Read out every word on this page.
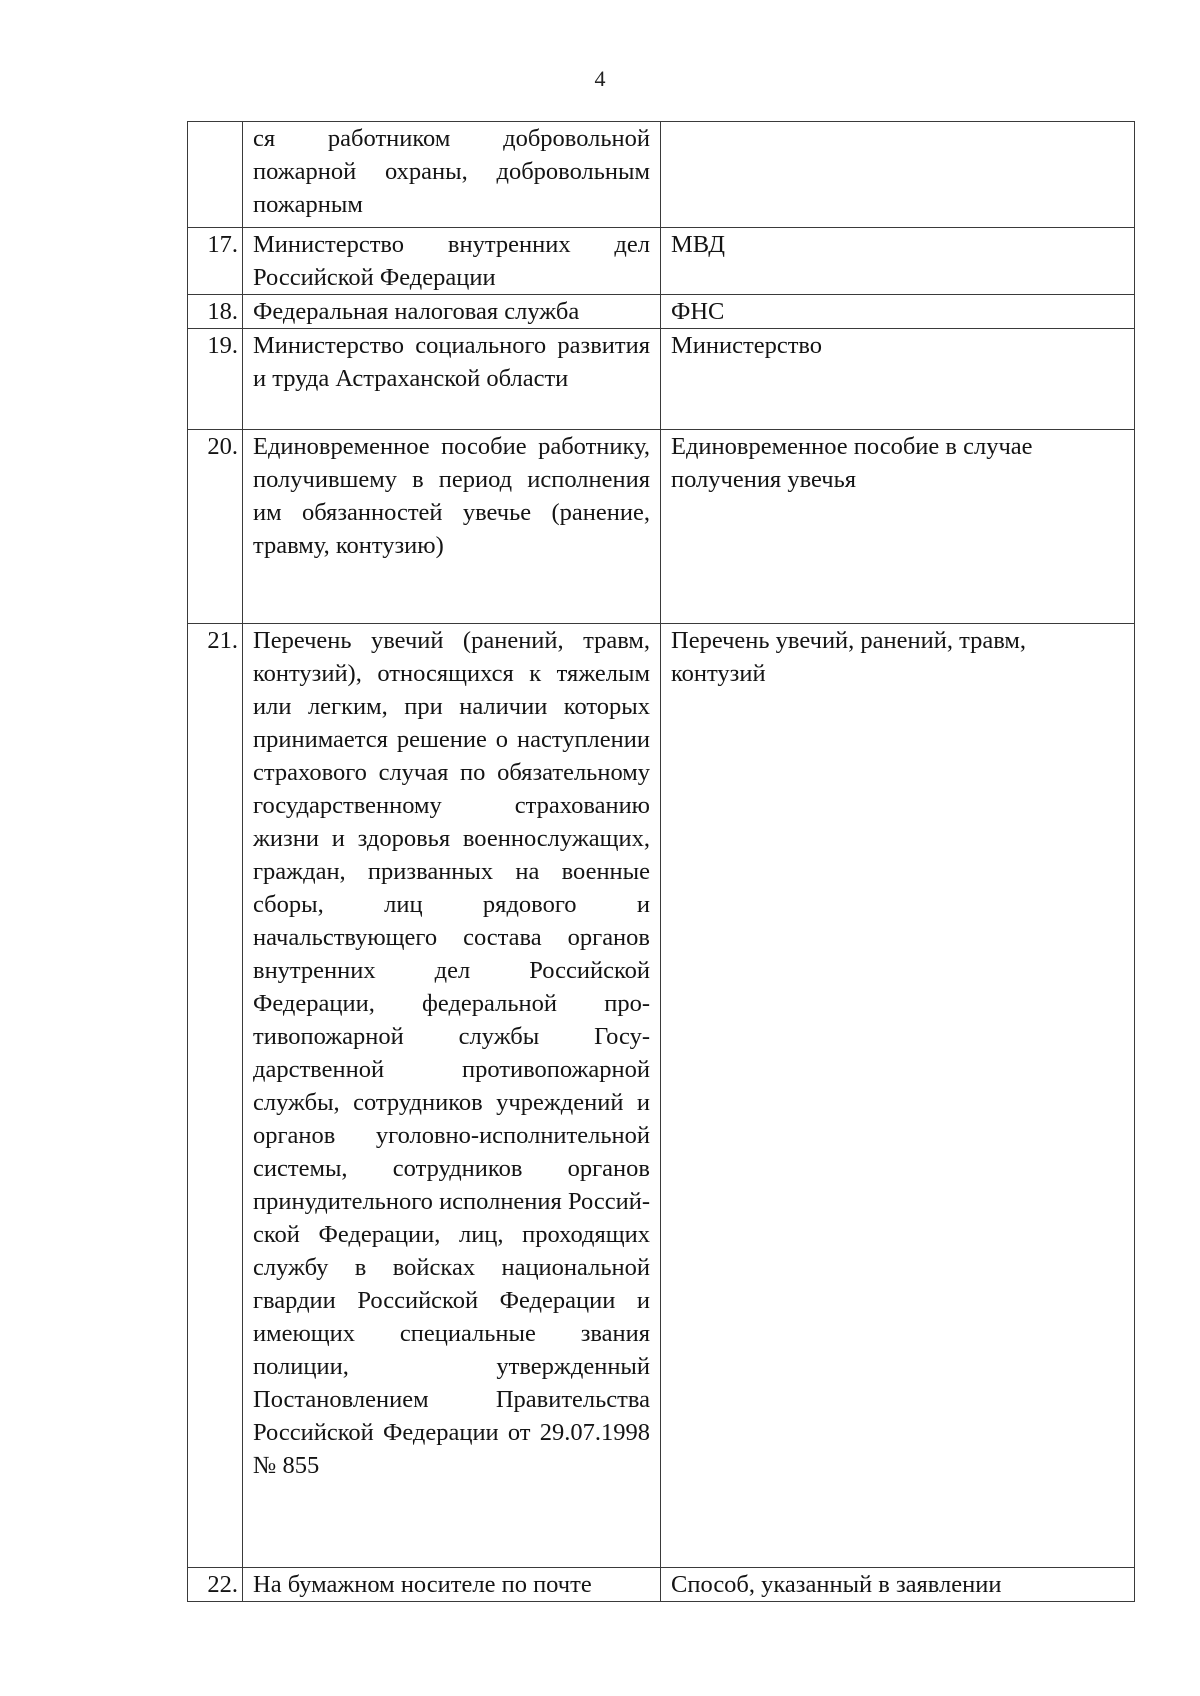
4
	ся работником добровольной пожарной охраны, добровольным пожарным	
17.	Министерство внутренних дел Российской Федерации	МВД
18.	Федеральная налоговая служба	ФНС
19.	Министерство социального развития и труда Астраханской области	Министерство
20.	Единовременное пособие работнику, получившему в период исполнения им обязанностей увечье (ранение, травму, контузию)	Единовременное пособие в случае получения увечья
21.	Перечень увечий (ранений, травм, контузий), относящихся к тяжелым или легким, при наличии которых принимается решение о наступлении страхового случая по обязательному государственному страхованию жизни и здоровья военнослужащих, граждан, призванных на военные сборы, лиц рядового и начальствующего состава органов внутренних дел Российской Федерации, федеральной противопожарной службы Государственной противопожарной службы, сотрудников учреждений и органов уголовно-исполнительной системы, сотрудников органов принудительного исполнения Российской Федерации, лиц, проходящих службу в войсках национальной гвардии Российской Федерации и имеющих специальные звания полиции, утвержденный Постановлением Правительства Российской Федерации от 29.07.1998 № 855	Перечень увечий, ранений, травм, контузий
22.	На бумажном носителе по почте	Способ, указанный в заявлении
